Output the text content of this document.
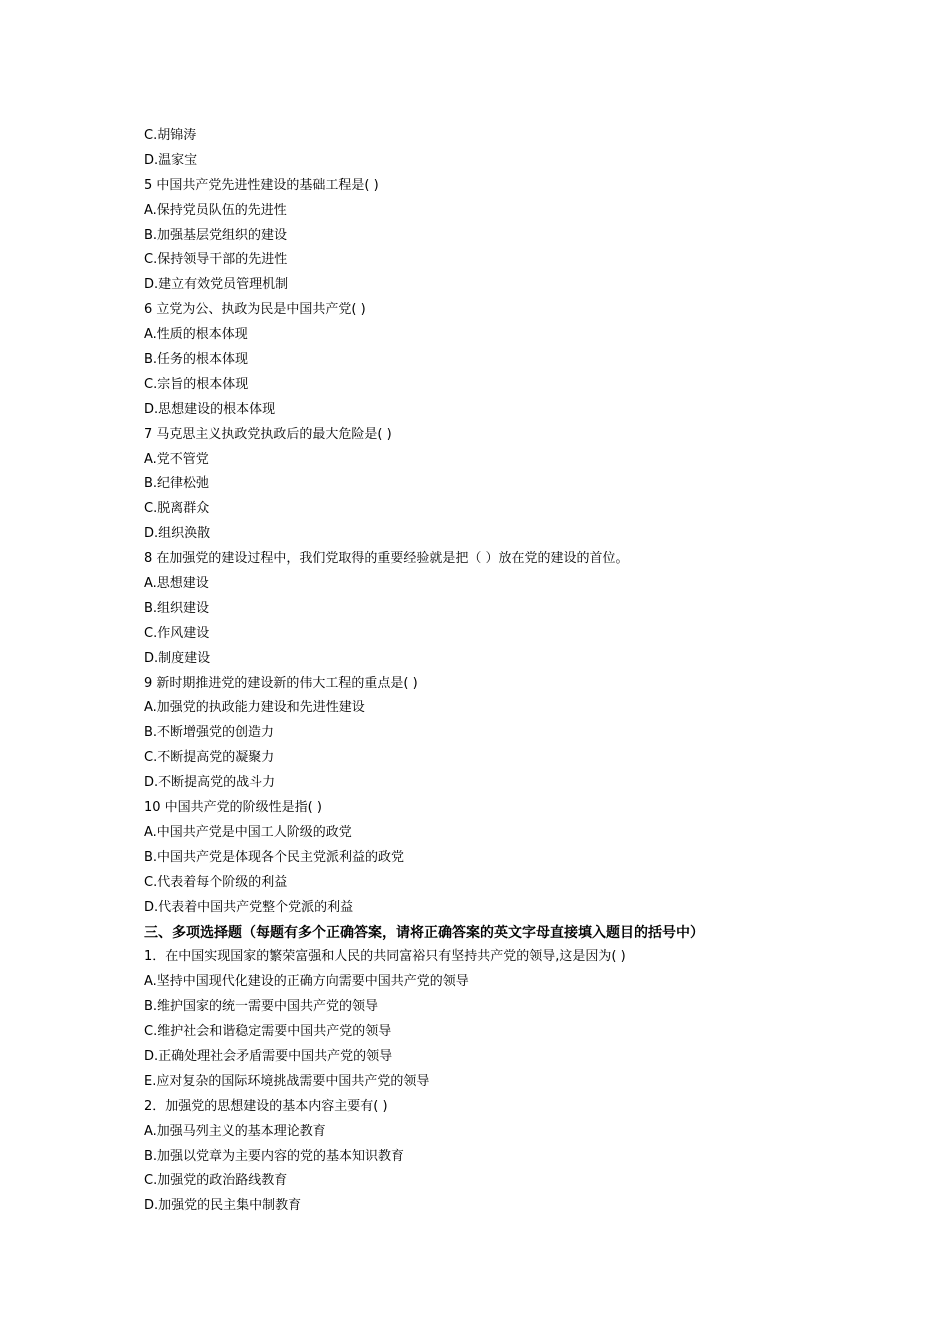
C.胡锦涛
D.温家宝
5 中国共产党先进性建设的基础工程是( )
A.保持党员队伍的先进性
B.加强基层党组织的建设
C.保持领导干部的先进性
D.建立有效党员管理机制
6 立党为公、执政为民是中国共产党( )
A.性质的根本体现
B.任务的根本体现
C.宗旨的根本体现
D.思想建设的根本体现
7 马克思主义执政党执政后的最大危险是( )
A.党不管党
B.纪律松弛
C.脱离群众
D.组织涣散
8 在加强党的建设过程中，我们党取得的重要经验就是把（ ）放在党的建设的首位。
A.思想建设
B.组织建设
C.作风建设
D.制度建设
9 新时期推进党的建设新的伟大工程的重点是( )
A.加强党的执政能力建设和先进性建设
B.不断增强党的创造力
C.不断提高党的凝聚力
D.不断提高党的战斗力
10 中国共产党的阶级性是指( )
A.中国共产党是中国工人阶级的政党
B.中国共产党是体现各个民主党派利益的政党
C.代表着每个阶级的利益
D.代表着中国共产党整个党派的利益
三、多项选择题（每题有多个正确答案，请将正确答案的英文字母直接填入题目的括号中）
1．在中国实现国家的繁荣富强和人民的共同富裕只有坚持共产党的领导,这是因为( )
A.坚持中国现代化建设的正确方向需要中国共产党的领导
B.维护国家的统一需要中国共产党的领导
C.维护社会和谐稳定需要中国共产党的领导
D.正确处理社会矛盾需要中国共产党的领导
E.应对复杂的国际环境挑战需要中国共产党的领导
2．加强党的思想建设的基本内容主要有( )
A.加强马列主义的基本理论教育
B.加强以党章为主要内容的党的基本知识教育
C.加强党的政治路线教育
D.加强党的民主集中制教育
